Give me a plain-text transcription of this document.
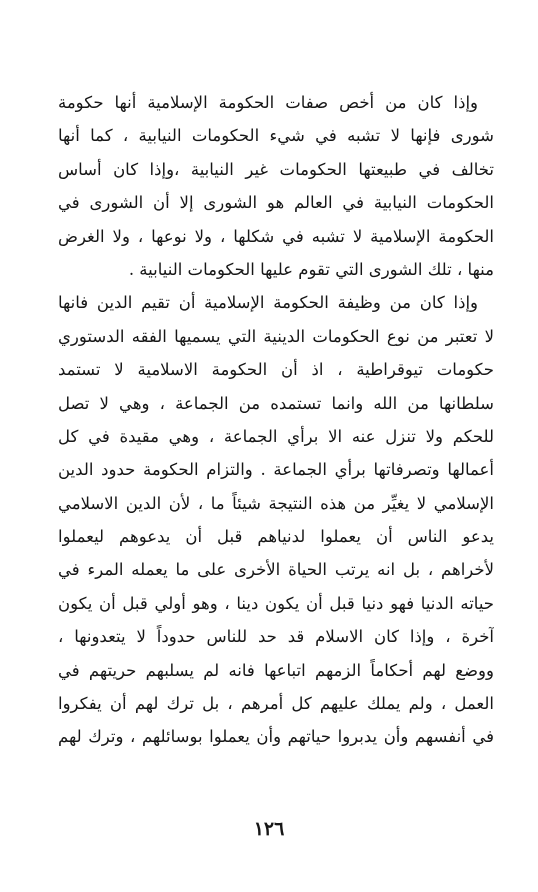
وإذا كان من أخص صفات الحكومة الإسلامية أنها حكومة
شورى فإنها لا تشبه في شيء الحكومات النيابية ، كما أنها
تخالف في طبيعتها الحكومات غير النيابية ،وإذا كان أساس
الحكومات النيابية في العالم هو الشورى إلا أن الشورى في
الحكومة الإسلامية لا تشبه في شكلها ، ولا نوعها ، ولا الغرض
منها ، تلك الشورى التي تقوم عليها الحكومات النيابية .
وإذا كان من وظيفة الحكومة الإسلامية أن تقيم الدين فانها
لا تعتبر من نوع الحكومات الدينية التي يسميها الفقه الدستوري
حكومات تيوقراطية ، اذ أن الحكومة الاسلامية لا تستمد
سلطانها من الله وانما تستمده من الجماعة ، وهي لا تصل
للحكم ولا تنزل عنه الا برأي الجماعة ، وهي مقيدة في كل
أعمالها وتصرفاتها برأي الجماعة . والتزام الحكومة حدود الدين
الإسلامي لا يغيِّر من هذه النتيجة شيئاً ما ، لأن الدين الاسلامي
يدعو الناس أن يعملوا لدنياهم قبل أن يدعوهم ليعملوا
لأخراهم ، بل انه يرتب الحياة الأخرى على ما يعمله المرء في
حياته الدنيا فهو دنيا قبل أن يكون دينا ، وهو أولي قبل أن يكون
آخرة ، وإذا كان الاسلام قد حد للناس حدوداً لا يتعدونها ،
ووضع لهم أحكاماً الزمهم اتباعها فانه لم يسلبهم حريتهم في
العمل ، ولم يملك عليهم كل أمرهم ، بل ترك لهم أن يفكروا
في أنفسهم وأن يدبروا حياتهم وأن يعملوا بوسائلهم ، وترك لهم
١٢٦
